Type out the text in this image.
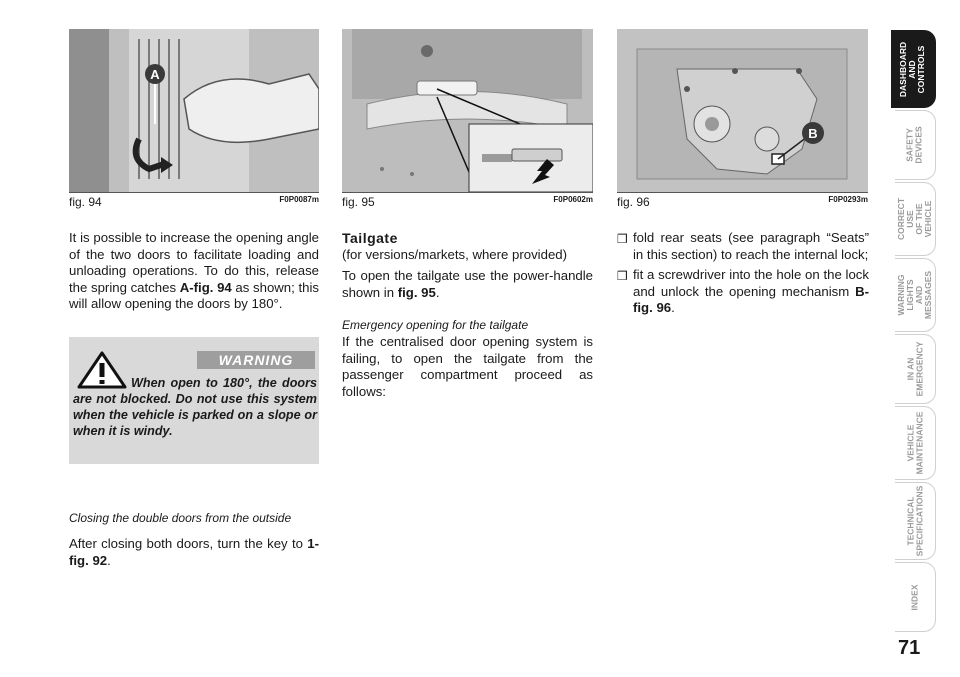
A
fig. 94	F0P0087m fig. 95	F0P0602m
B
fig. 96	F0P0293m

It is possible to increase the opening angle of the two doors to facilitate loading and unloading operations. To do this, release the spring catches A-fig. 94 as shown; this will allow opening the doors by 180°.

WARNING

When open to 180°, the doors are not blocked. Do not use this system when the vehicle is parked on a slope or when it is windy.

Closing the double doors from the outside

After closing both doors, turn the key to 1-fig. 92.

Tailgate

(for versions/markets, where provided)

To open the tailgate use the power-handle shown in fig. 95.

Emergency opening for the tailgate

If the centralised door opening system is failing, to open the tailgate from the passenger compartment proceed as follows:

❒ fold rear seats (see paragraph “Seats” in this section) to reach the internal lock;
❒ fit a screwdriver into the hole on the lock and unlock the opening mechanism B-fig. 96.
DASHBOARD
AND CONTROLS
SAFETY
DEVICES
CORRECT USE
OF THE VEHICLE
WARNING
LIGHTS AND
MESSAGES
IN AN
EMERGENCY
VEHICLE
MAINTENANCE
TECHNICAL
SPECIFICATIONS
INDEX
71
